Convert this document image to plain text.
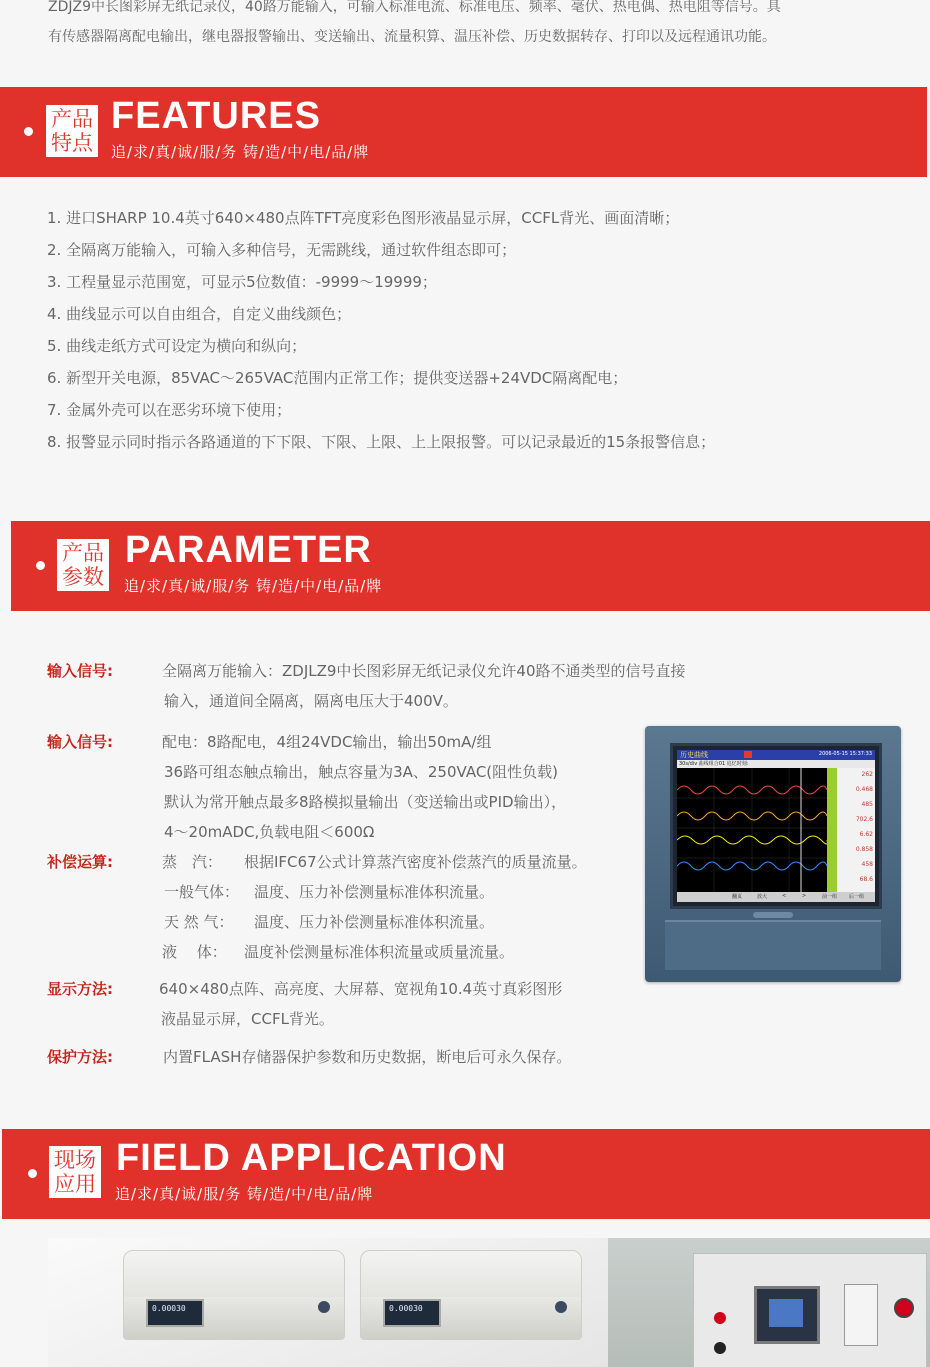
ZDJZ9中长图彩屏无纸记录仪，40路万能输入，可输入标准电流、标准电压、频率、毫伏、热电偶、热电阻等信号。具
有传感器隔离配电输出，继电器报警输出、变送输出、流量积算、温压补偿、历史数据转存、打印以及远程通讯功能。
产品
特点
FEATURES
追/求/真/诚/服/务 铸/造/中/电/品/牌
1. 进口SHARP 10.4英寸640×480点阵TFT亮度彩色图形液晶显示屏，CCFL背光、画面清晰；
2. 全隔离万能输入，可输入多种信号，无需跳线，通过软件组态即可；
3. 工程量显示范围宽，可显示5位数值：-9999～19999；
4. 曲线显示可以自由组合，自定义曲线颜色；
5. 曲线走纸方式可设定为横向和纵向；
6. 新型开关电源，85VAC～265VAC范围内正常工作；提供变送器+24VDC隔离配电；
7. 金属外壳可以在恶劣环境下使用；
8. 报警显示同时指示各路通道的下下限、下限、上限、上上限报警。可以记录最近的15条报警信息；
产品
参数
PARAMETER
追/求/真/诚/服/务 铸/造/中/电/品/牌
输入信号:	全隔离万能输入：ZDJLZ9中长图彩屏无纸记录仪允许40路不通类型的信号直接
输入，通道间全隔离，隔离电压大于400V。
输入信号:	配电：8路配电，4组24VDC输出，输出50mA/组
36路可组态触点输出，触点容量为3A、250VAC(阻性负载)
默认为常开触点最多8路模拟量输出（变送输出或PID输出），
4～20mADC,负载电阻＜600Ω
补偿运算:	蒸　汽： 根据IFC67公式计算蒸汽密度补偿蒸汽的质量流量。
一般气体： 温度、压力补偿测量标准体积流量。
天 然 气： 温度、压力补偿测量标准体积流量。
液　 体： 温度补偿测量标准体积流量或质量流量。
显示方法:	640×480点阵、高亮度、大屏幕、宽视角10.4英寸真彩图形
液晶显示屏，CCFL背光。
保护方法:	内置FLASH存储器保护参数和历史数据，断电后可永久保存。
历史曲线	2006-05-15 15:37:33
30s/div 曲线组合01 追忆时刻:
262
0.468
485
702.6
6.62
0.858
458
68.6
翻页	放大	<	>	前一组 后一组
现场
应用
FIELD APPLICATION
追/求/真/诚/服/务 铸/造/中/电/品/牌
0.00030	0.00030
